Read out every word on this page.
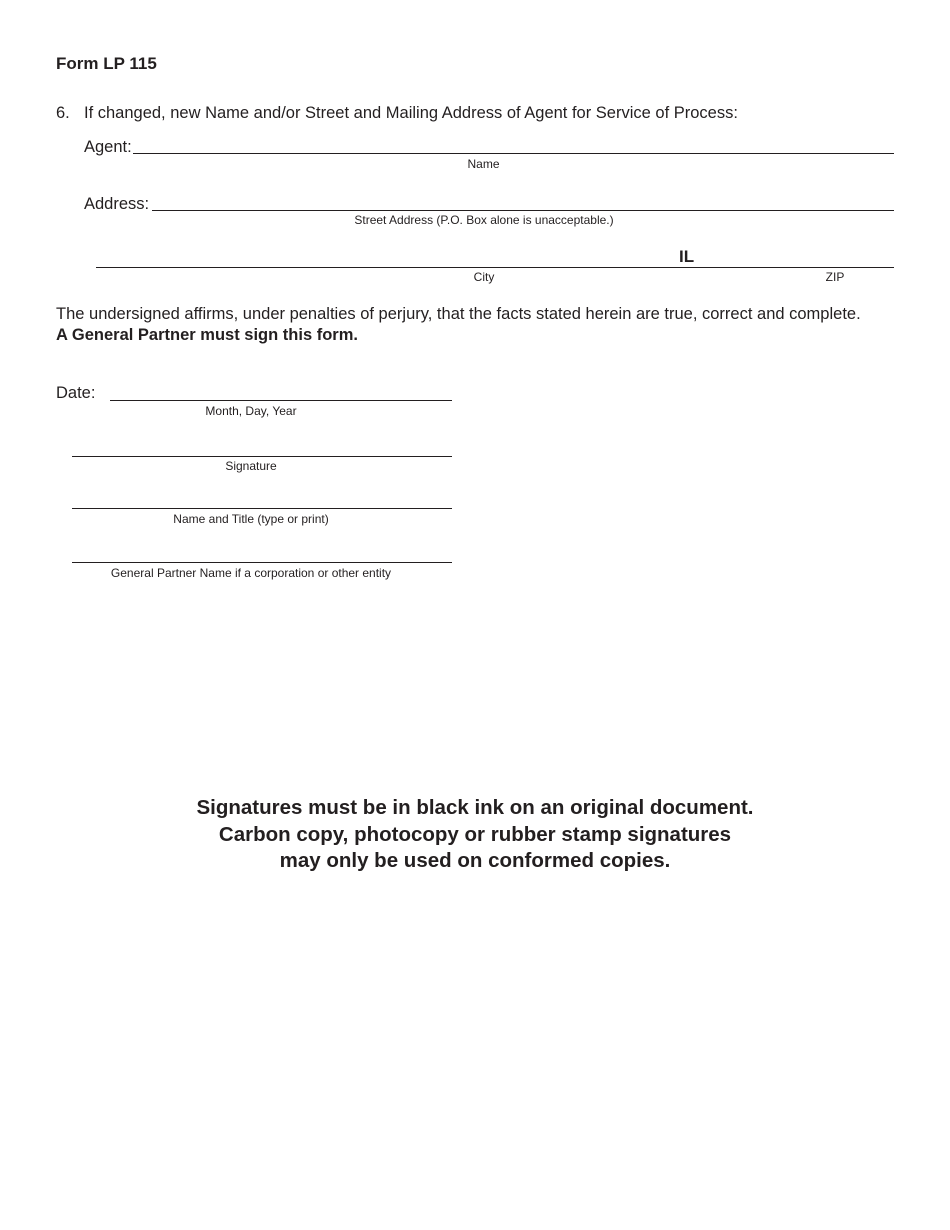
Form LP 115
6. If changed, new Name and/or Street and Mailing Address of Agent for Service of Process:
Agent:
Name
Address:
Street Address (P.O. Box alone is unacceptable.)
IL
City	ZIP
The undersigned affirms, under penalties of perjury, that the facts stated herein are true, correct and complete.
A General Partner must sign this form.
Date:
Month, Day, Year
Signature
Name and Title (type or print)
General Partner Name if a corporation or other entity
Signatures must be in black ink on an original document.
Carbon copy, photocopy or rubber stamp signatures
may only be used on conformed copies.
